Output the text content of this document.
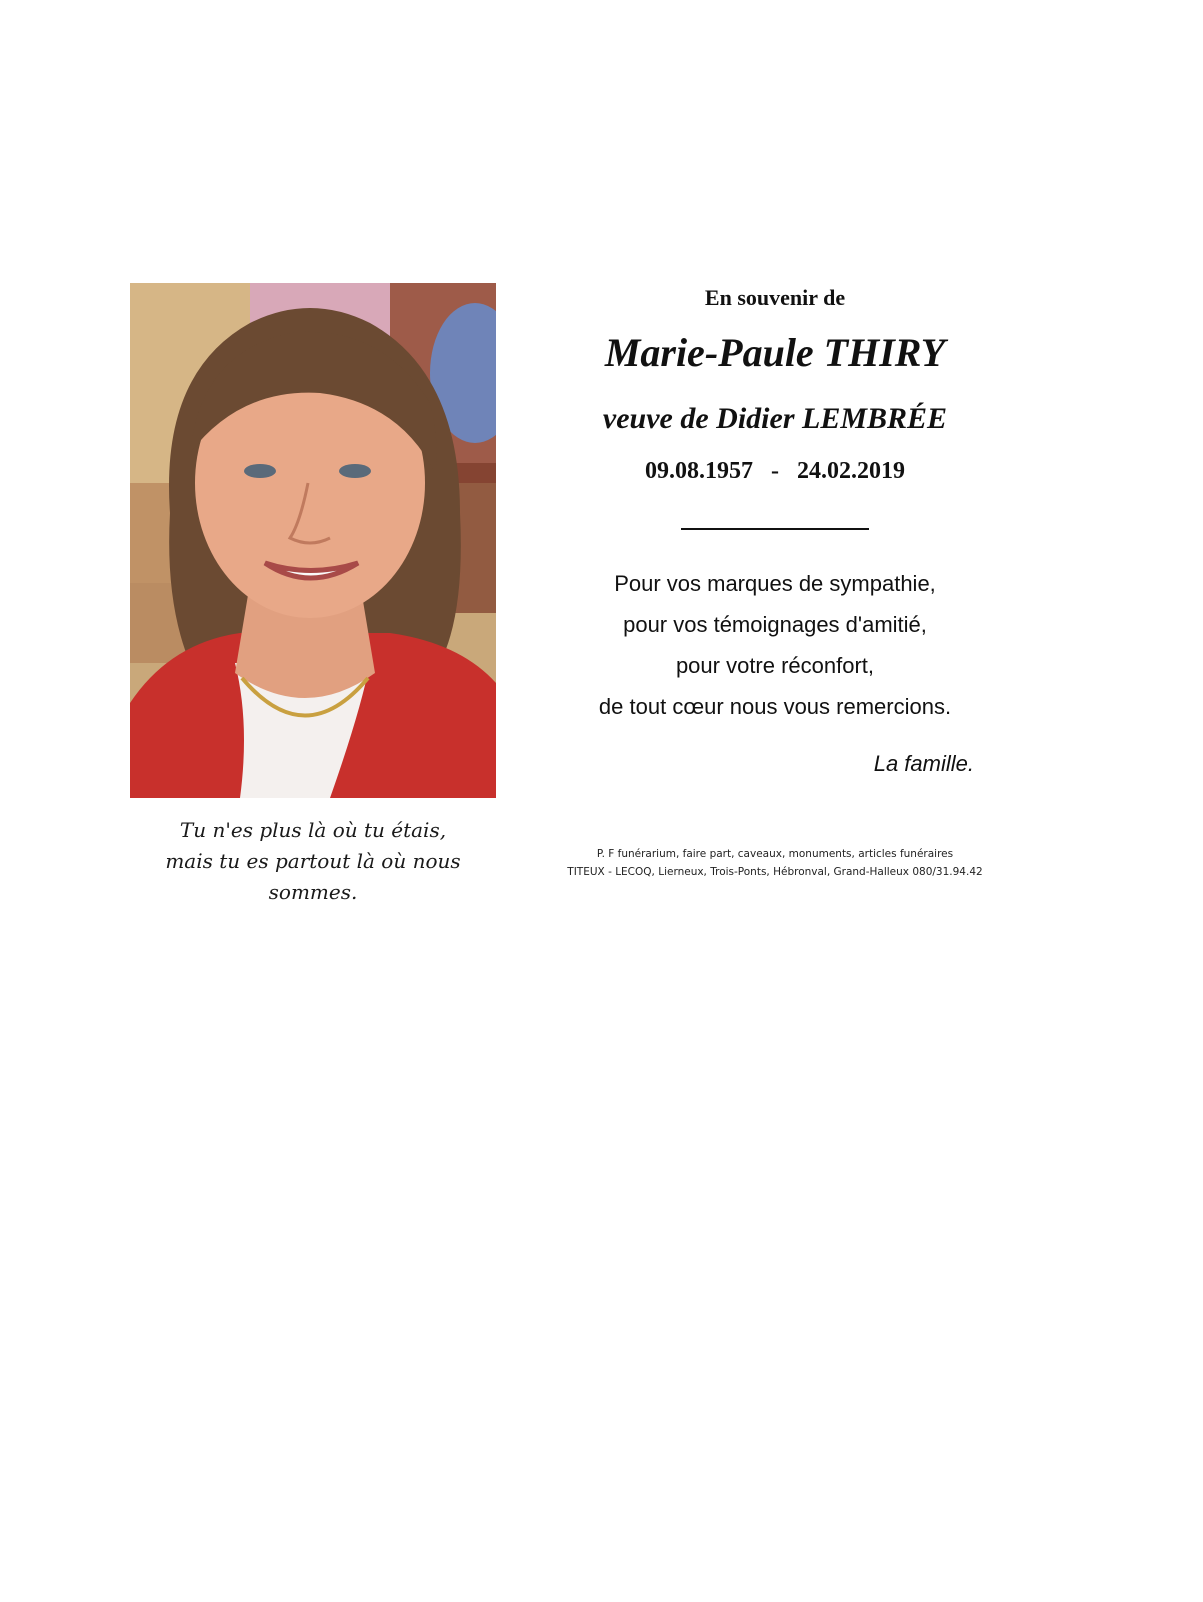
Tu n'es plus là où tu étais,
mais tu es partout là où nous sommes.
En souvenir de
Marie-Paule THIRY
veuve de Didier LEMBRÉE
09.08.1957   -   24.02.2019
Pour vos marques de sympathie,
pour vos témoignages d'amitié,
pour votre réconfort,
de tout cœur nous vous remercions.
La famille.
P. F funérarium, faire part, caveaux, monuments, articles funéraires
TITEUX - LECOQ, Lierneux, Trois-Ponts, Hébronval, Grand-Halleux 080/31.94.42
